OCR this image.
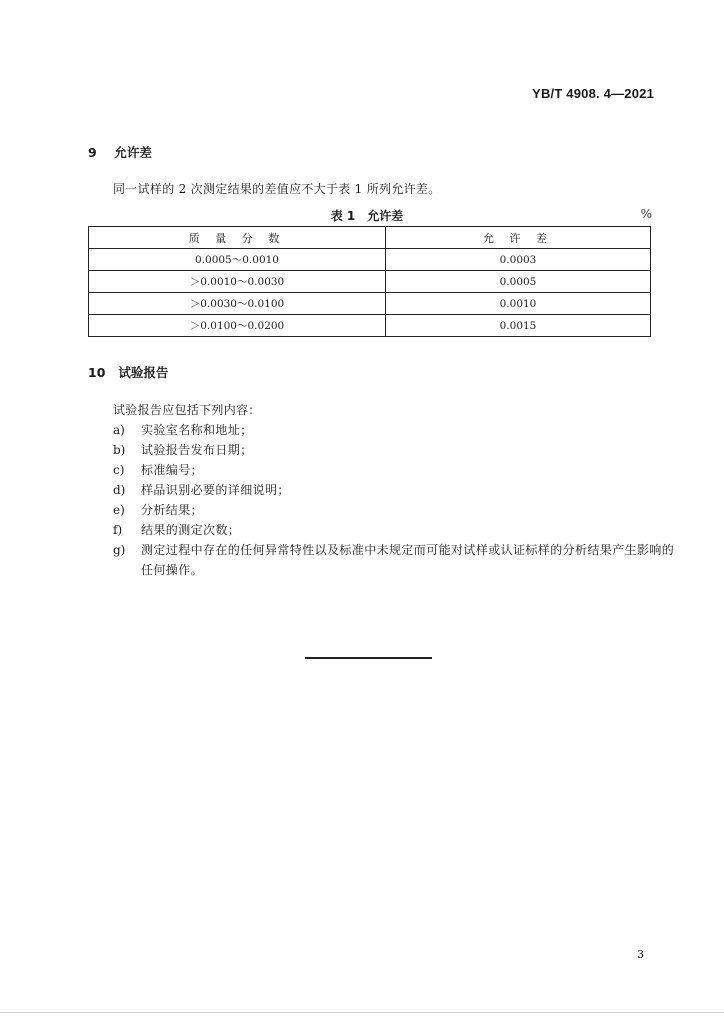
YB/T 4908. 4—2021
9 允许差
同一试样的 2 次测定结果的差值应不大于表 1 所列允许差。
表 1　允许差	%
质 量 分 数	允 许 差
0.0005～0.0010	0.0003
＞0.0010～0.0030	0.0005
＞0.0030～0.0100	0.0010
＞0.0100～0.0200	0.0015
10 试验报告
试验报告应包括下列内容：
a) 实验室名称和地址；
b) 试验报告发布日期；
c) 标准编号；
d) 样品识别必要的详细说明；
e) 分析结果；
f) 结果的测定次数；
g) 测定过程中存在的任何异常特性以及标准中未规定而可能对试样或认证标样的分析结果产生影响的任何操作。
3
